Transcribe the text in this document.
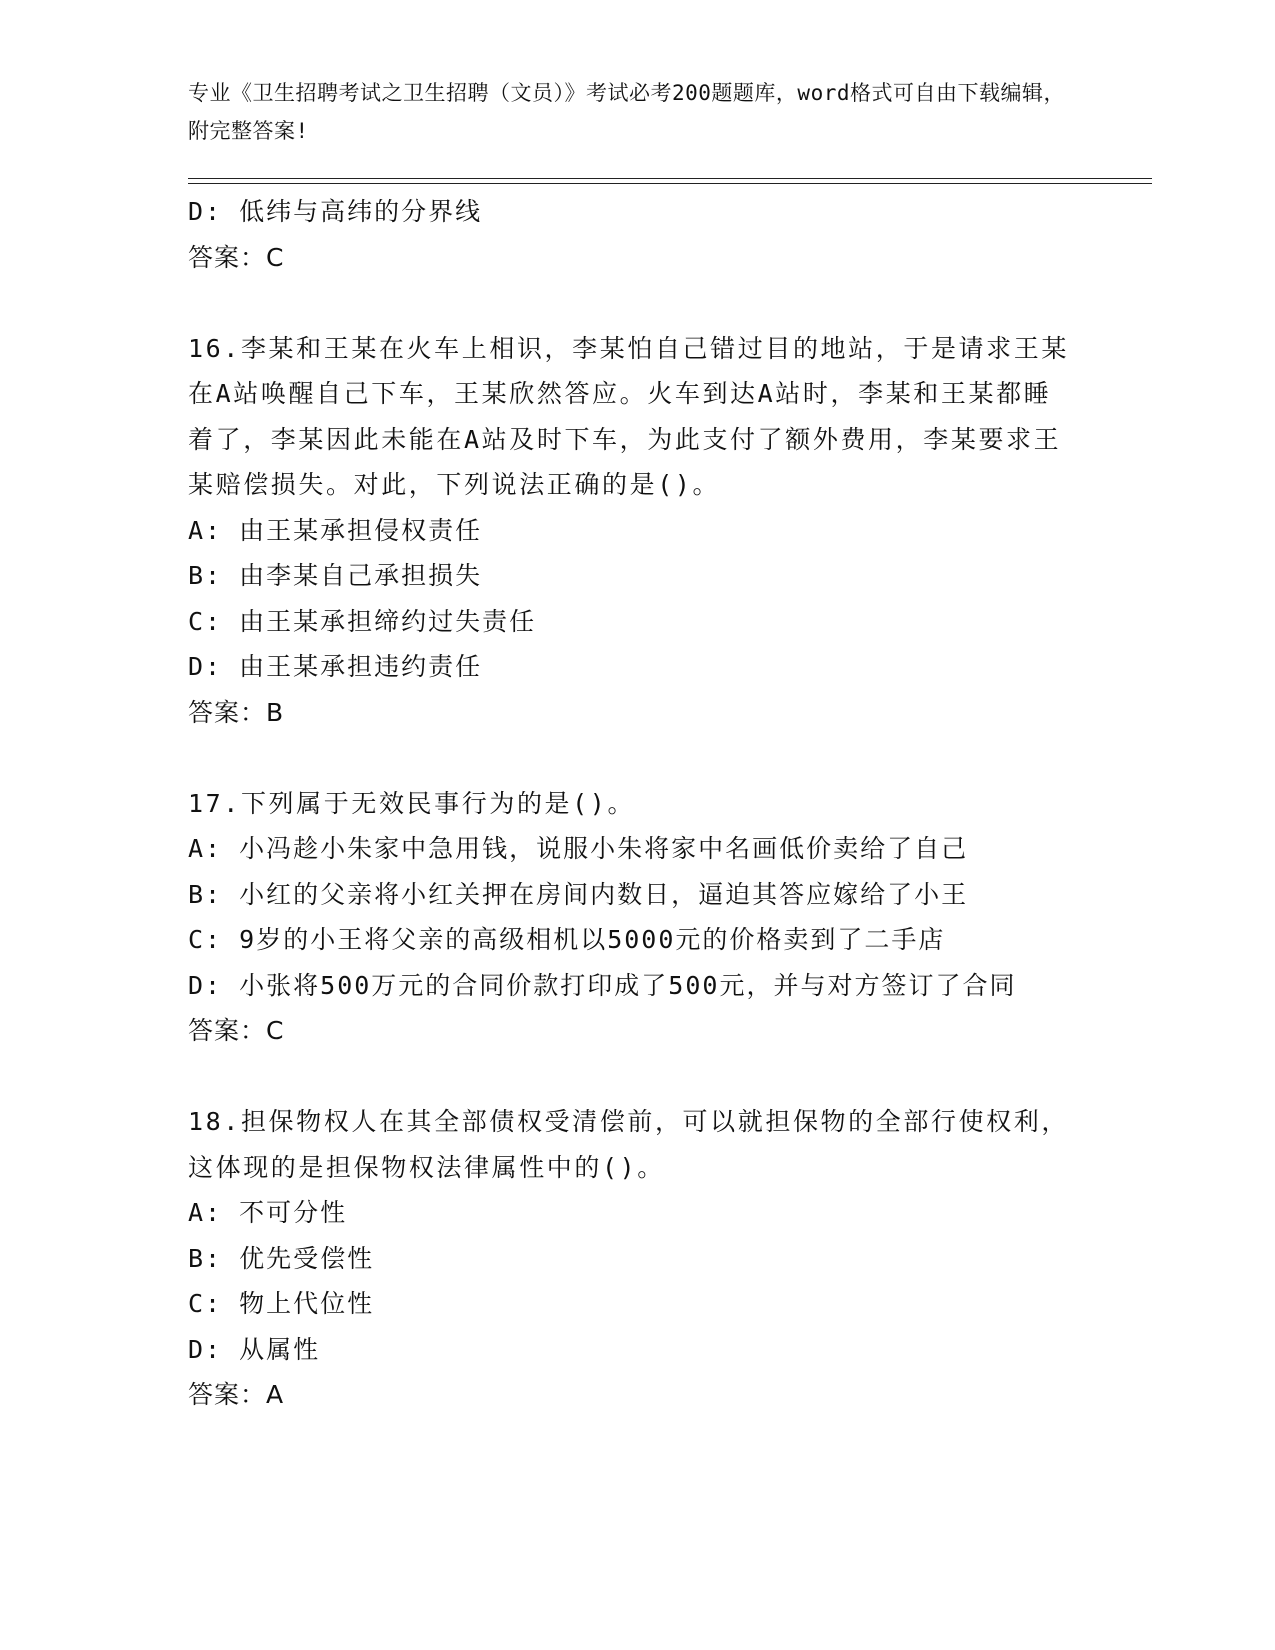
专业《卫生招聘考试之卫生招聘（文员）》考试必考200题题库，word格式可自由下载编辑，附完整答案!
D: 低纬与高纬的分界线
答案：C
16.李某和王某在火车上相识，李某怕自己错过目的地站，于是请求王某在A站唤醒自己下车，王某欣然答应。火车到达A站时，李某和王某都睡着了，李某因此未能在A站及时下车，为此支付了额外费用，李某要求王某赔偿损失。对此，下列说法正确的是()。
A: 由王某承担侵权责任
B: 由李某自己承担损失
C: 由王某承担缔约过失责任
D: 由王某承担违约责任
答案：B
17.下列属于无效民事行为的是()。
A: 小冯趁小朱家中急用钱，说服小朱将家中名画低价卖给了自己
B: 小红的父亲将小红关押在房间内数日，逼迫其答应嫁给了小王
C: 9岁的小王将父亲的高级相机以5000元的价格卖到了二手店
D: 小张将500万元的合同价款打印成了500元，并与对方签订了合同
答案：C
18.担保物权人在其全部债权受清偿前，可以就担保物的全部行使权利，这体现的是担保物权法律属性中的()。
A: 不可分性
B: 优先受偿性
C: 物上代位性
D: 从属性
答案：A
